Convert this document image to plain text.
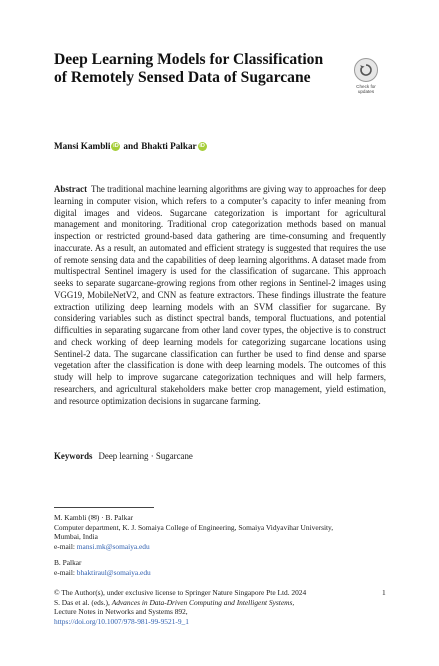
Deep Learning Models for Classification of Remotely Sensed Data of Sugarcane
Check for
updates
Mansi Kambli iD and Bhakti Palkar iD
Abstract The traditional machine learning algorithms are giving way to approaches for deep learning in computer vision, which refers to a computer’s capacity to infer meaning from digital images and videos. Sugarcane categorization is important for agricultural management and monitoring. Traditional crop categorization methods based on manual inspection or restricted ground-based data gathering are time-consuming and frequently inaccurate. As a result, an automated and efficient strategy is suggested that requires the use of remote sensing data and the capabilities of deep learning algorithms. A dataset made from multispectral Sentinel imagery is used for the classification of sugarcane. This approach seeks to separate sugarcane-growing regions from other regions in Sentinel-2 images using VGG19, MobileNetV2, and CNN as feature extractors. These findings illustrate the feature extraction utilizing deep learning models with an SVM classifier for sugarcane. By considering variables such as distinct spectral bands, temporal fluctuations, and potential difficulties in separating sugarcane from other land cover types, the objective is to construct and check working of deep learning models for categorizing sugarcane locations using Sentinel-2 data. The sugarcane classification can further be used to find dense and sparse vegetation after the classification is done with deep learning models. The outcomes of this study will help to improve sugarcane categorization techniques and will help farmers, researchers, and agricultural stakeholders make better crop management, yield estimation, and resource optimization decisions in sugarcane farming.
Keywords Deep learning · Sugarcane
M. Kambli (✉) · B. Palkar
Computer department, K. J. Somaiya College of Engineering, Somaiya Vidyavihar University,
Mumbai, India
e-mail: mansi.mk@somaiya.edu
B. Palkar
e-mail: bhaktiraul@somaiya.edu
© The Author(s), under exclusive license to Springer Nature Singapore Pte Ltd. 2024
S. Das et al. (eds.), Advances in Data-Driven Computing and Intelligent Systems,
Lecture Notes in Networks and Systems 892,
https://doi.org/10.1007/978-981-99-9521-9_1
1
